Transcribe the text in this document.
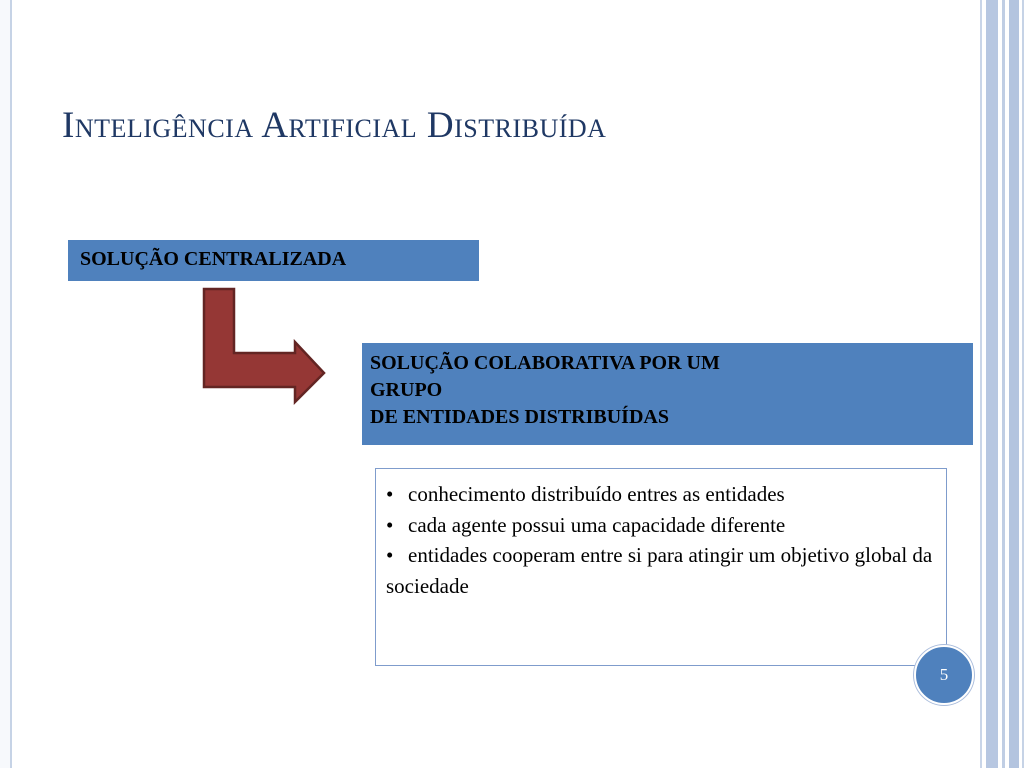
Inteligência Artificial Distribuída
SOLUÇÃO CENTRALIZADA
SOLUÇÃO COLABORATIVA POR UM
GRUPO
DE ENTIDADES DISTRIBUÍDAS
• conhecimento distribuído entres as entidades
• cada agente possui uma capacidade diferente
• entidades cooperam entre si para atingir um objetivo global da sociedade
5
